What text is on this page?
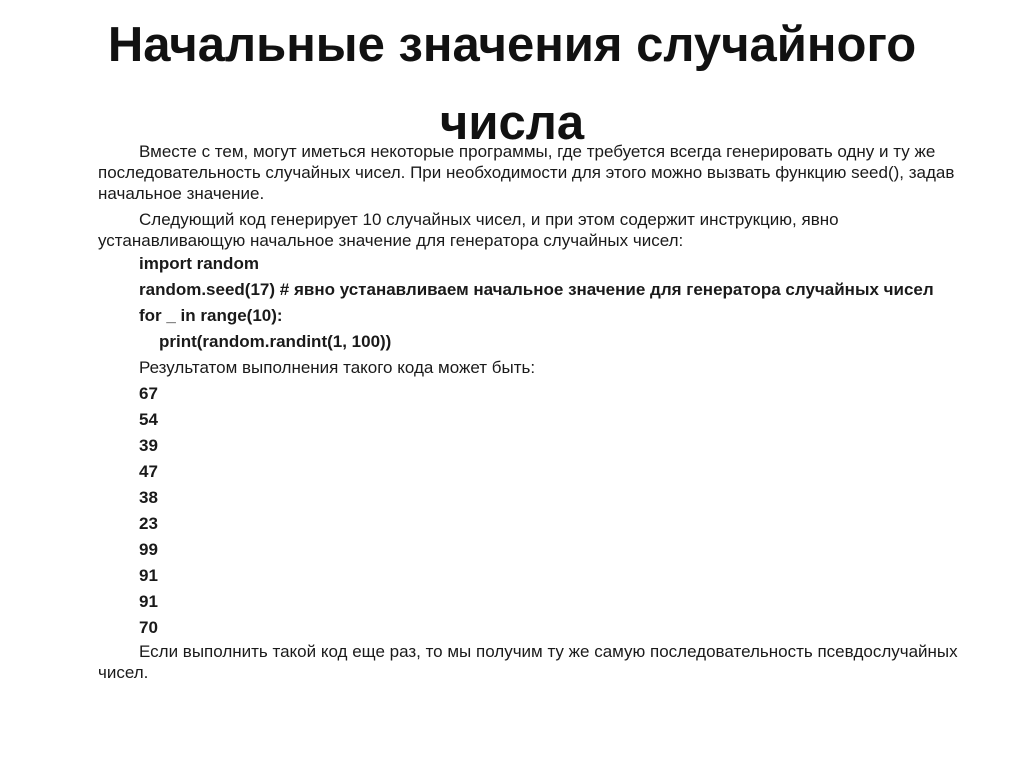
Начальные значения случайного числа

Вместе с тем, могут иметься некоторые программы, где требуется всегда генерировать одну и ту же последовательность случайных чисел. При необходимости для этого можно вызвать функцию seed(), задав начальное значение.

Следующий код генерирует 10 случайных чисел, и при этом содержит инструкцию, явно устанавливающую начальное значение для генератора случайных чисел:

import random

random.seed(17) # явно устанавливаем начальное значение для генератора случайных чисел

for _ in range(10):

print(random.randint(1, 100))

Результатом выполнения такого кода может быть:

67

54

39

47

38

23

99

91

91

70

Если выполнить такой код еще раз, то мы получим ту же самую последовательность псевдослучайных чисел.
